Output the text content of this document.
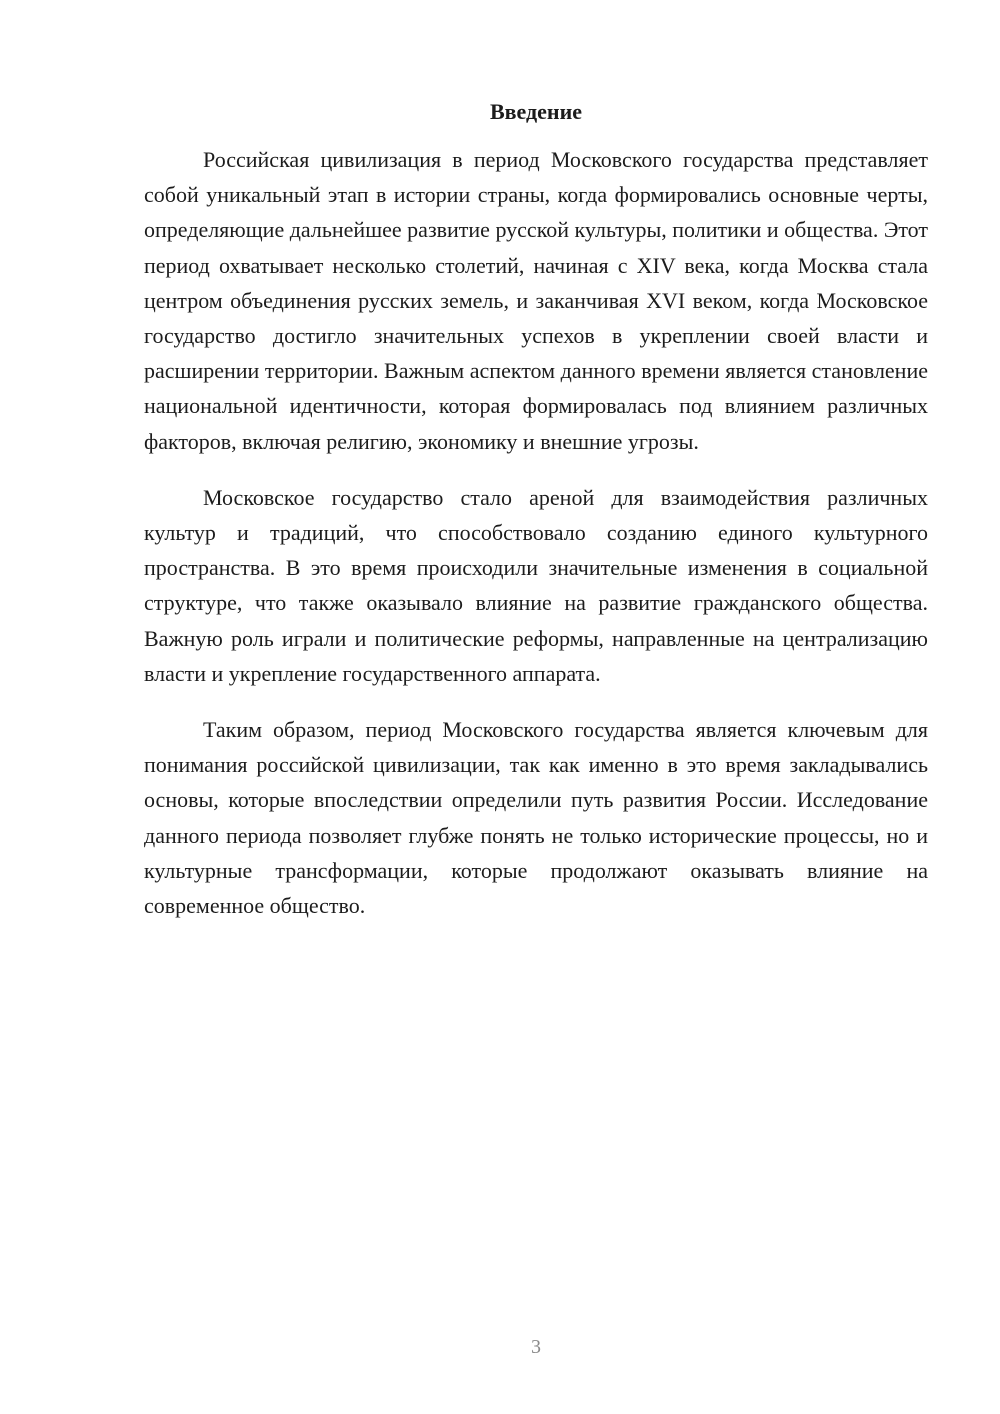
Введение

Российская цивилизация в период Московского государства представляет собой уникальный этап в истории страны, когда формировались основные черты, определяющие дальнейшее развитие русской культуры, политики и общества. Этот период охватывает несколько столетий, начиная с XIV века, когда Москва стала центром объединения русских земель, и заканчивая XVI веком, когда Московское государство достигло значительных успехов в укреплении своей власти и расширении территории. Важным аспектом данного времени является становление национальной идентичности, которая формировалась под влиянием различных факторов, включая религию, экономику и внешние угрозы.

Московское государство стало ареной для взаимодействия различных культур и традиций, что способствовало созданию единого культурного пространства. В это время происходили значительные изменения в социальной структуре, что также оказывало влияние на развитие гражданского общества. Важную роль играли и политические реформы, направленные на централизацию власти и укрепление государственного аппарата.

Таким образом, период Московского государства является ключевым для понимания российской цивилизации, так как именно в это время закладывались основы, которые впоследствии определили путь развития России. Исследование данного периода позволяет глубже понять не только исторические процессы, но и культурные трансформации, которые продолжают оказывать влияние на современное общество.

3
